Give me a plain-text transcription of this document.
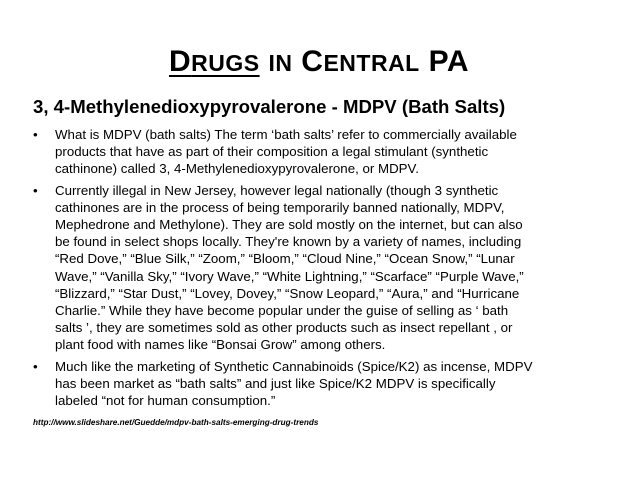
DRUGS IN CENTRAL PA
3, 4-Methylenedioxypyrovalerone - MDPV (Bath Salts)
•	What is MDPV (bath salts) The term ‘bath salts’ refer to commercially available
products that have as part of their composition a legal stimulant (synthetic
cathinone) called 3, 4-Methylenedioxypyrovalerone, or MDPV.
•	Currently illegal in New Jersey, however legal nationally (though 3 synthetic
cathinones are in the process of being temporarily banned nationally, MDPV,
Mephedrone and Methylone). They are sold mostly on the internet, but can also
be found in select shops locally. They're known by a variety of names, including
“Red Dove,” “Blue Silk,” “Zoom,” “Bloom,” “Cloud Nine,” “Ocean Snow,” “Lunar
Wave,” “Vanilla Sky,” “Ivory Wave,” “White Lightning,” “Scarface” “Purple Wave,”
“Blizzard,” “Star Dust,” “Lovey, Dovey,” “Snow Leopard,” “Aura,” and “Hurricane
Charlie.” While they have become popular under the guise of selling as ‘ bath
salts ’, they are sometimes sold as other products such as insect repellant , or
plant food with names like “Bonsai Grow” among others.
•	Much like the marketing of Synthetic Cannabinoids (Spice/K2) as incense, MDPV
has been market as “bath salts” and just like Spice/K2 MDPV is specifically
labeled “not for human consumption.”
http://www.slideshare.net/Guedde/mdpv-bath-salts-emerging-drug-trends
